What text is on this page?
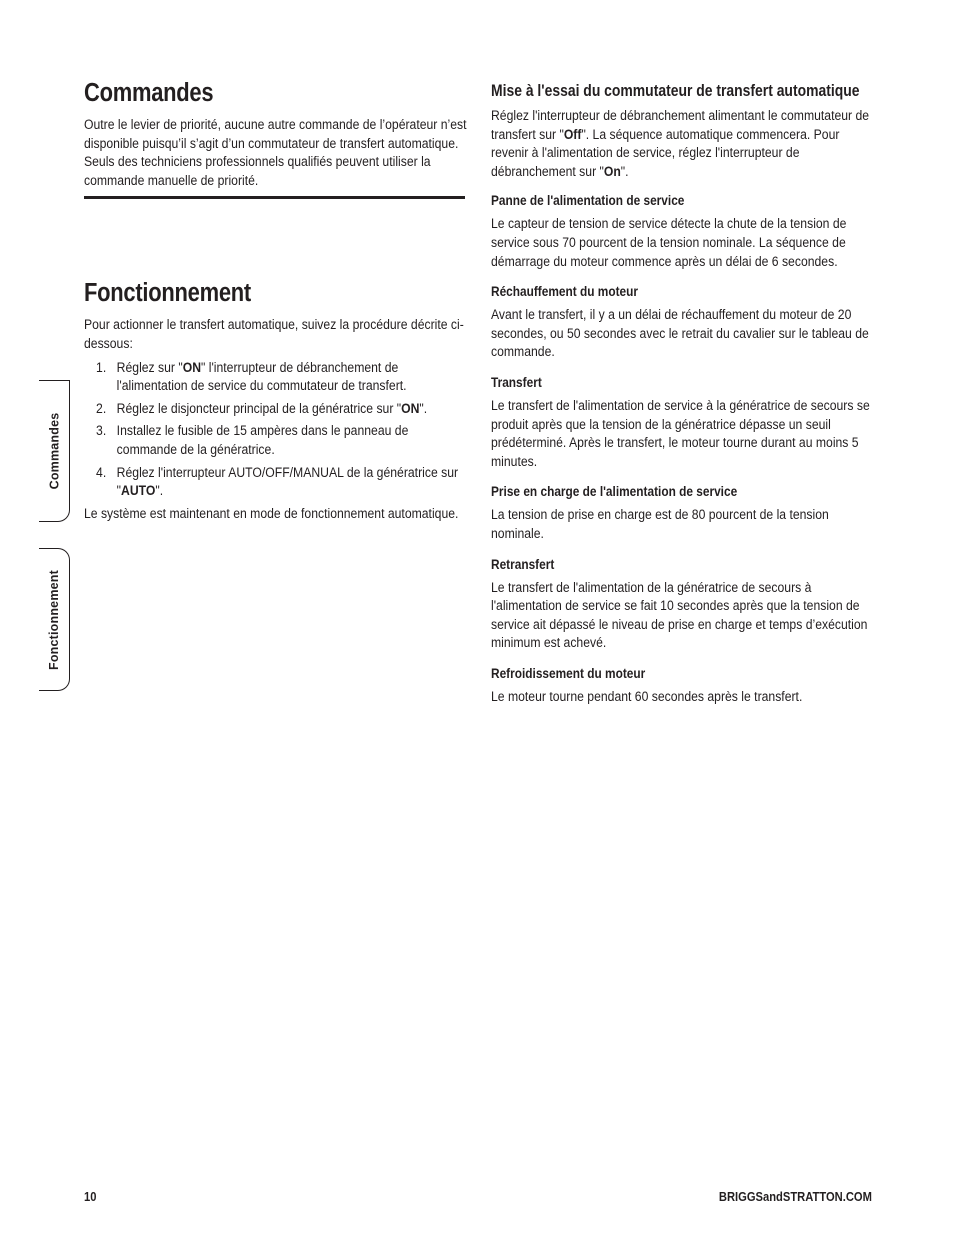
Commandes
Fonctionnement
Commandes

Outre le levier de priorité, aucune autre commande de l’opérateur n’est disponible puisqu’il s’agit d’un commutateur de transfert automatique. Seuls des techniciens professionnels qualifiés peuvent utiliser la commande manuelle de priorité.

Fonctionnement

Pour actionner le transfert automatique, suivez la procédure décrite ci-dessous:

1. Réglez sur "ON" l'interrupteur de débranchement de l'alimentation de service du commutateur de transfert.
2. Réglez le disjoncteur principal de la génératrice sur "ON".
3. Installez le fusible de 15 ampères dans le panneau de commande de la génératrice.
4. Réglez l'interrupteur AUTO/OFF/MANUAL de la génératrice sur "AUTO".

Le système est maintenant en mode de fonctionnement automatique.

Mise à l'essai du commutateur de transfert automatique

Réglez l'interrupteur de débranchement alimentant le commutateur de transfert sur "Off". La séquence automatique commencera. Pour revenir à l'alimentation de service, réglez l'interrupteur de débranchement sur "On".

Panne de l'alimentation de service

Le capteur de tension de service détecte la chute de la tension de service sous 70 pourcent de la tension nominale. La séquence de démarrage du moteur commence après un délai de 6 secondes.

Réchauffement du moteur

Avant le transfert, il y a un délai de réchauffement du moteur de 20 secondes, ou 50 secondes avec le retrait du cavalier sur le tableau de commande.

Transfert

Le transfert de l'alimentation de service à la génératrice de secours se produit après que la tension de la génératrice dépasse un seuil prédéterminé. Après le transfert, le moteur tourne durant au moins 5 minutes.

Prise en charge de l'alimentation de service

La tension de prise en charge est de 80 pourcent de la tension nominale.

Retransfert

Le transfert de l'alimentation de la génératrice de secours à l'alimentation de service se fait 10 secondes après que la tension de service ait dépassé le niveau de prise en charge et temps d’exécution minimum est achevé.

Refroidissement du moteur

Le moteur tourne pendant 60 secondes après le transfert.

10	BRIGGSandSTRATTON.COM
